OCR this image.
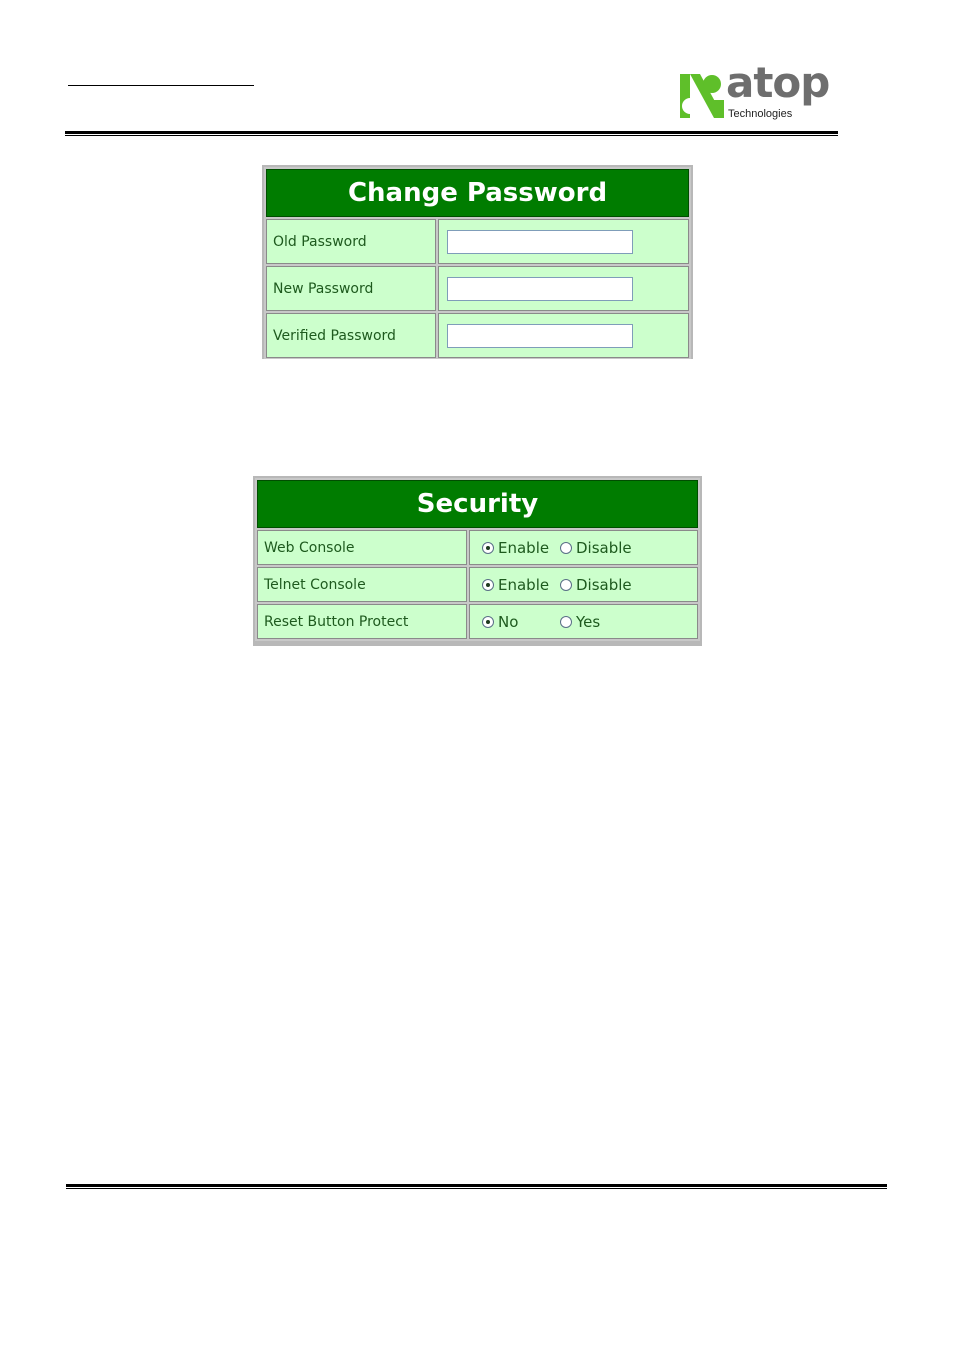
atop
Technologies
Change Password	
Old Password	

New Password	

Verified Password	
Security	
Web Console	Enable Disable

Telnet Console	Enable Disable

Reset Button Protect	No Yes
